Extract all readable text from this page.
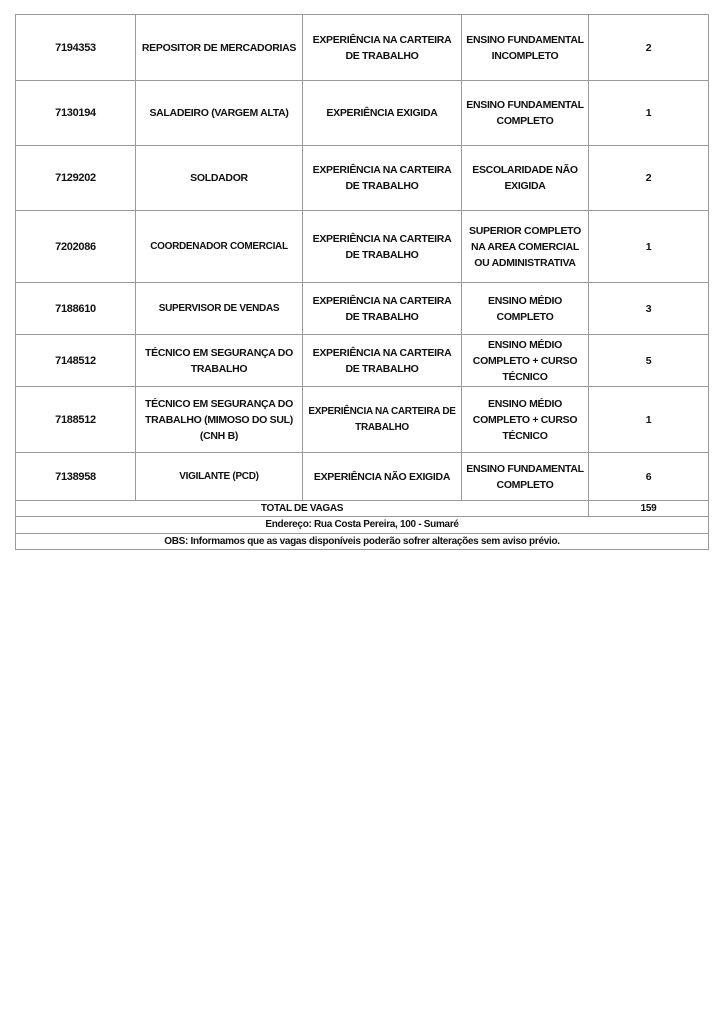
7194353	REPOSITOR DE MERCADORIAS	EXPERIÊNCIA NA CARTEIRA DE TRABALHO	ENSINO FUNDAMENTAL INCOMPLETO	2
7130194	SALADEIRO (VARGEM ALTA)	EXPERIÊNCIA EXIGIDA	ENSINO FUNDAMENTAL COMPLETO	1
7129202	SOLDADOR	EXPERIÊNCIA NA CARTEIRA DE TRABALHO	ESCOLARIDADE NÃO EXIGIDA	2
7202086	COORDENADOR COMERCIAL	EXPERIÊNCIA NA CARTEIRA DE TRABALHO	SUPERIOR COMPLETO NA AREA COMERCIAL OU ADMINISTRATIVA	1
7188610	SUPERVISOR DE VENDAS	EXPERIÊNCIA NA CARTEIRA DE TRABALHO	ENSINO MÉDIO COMPLETO	3
7148512	TÉCNICO EM SEGURANÇA DO TRABALHO	EXPERIÊNCIA NA CARTEIRA DE TRABALHO	ENSINO MÉDIO COMPLETO + CURSO TÉCNICO	5
7188512	TÉCNICO EM SEGURANÇA DO TRABALHO (MIMOSO DO SUL) (CNH B)	EXPERIÊNCIA NA CARTEIRA DE TRABALHO	ENSINO MÉDIO COMPLETO + CURSO TÉCNICO	1
7138958	VIGILANTE (PCD)	EXPERIÊNCIA NÃO EXIGIDA	ENSINO FUNDAMENTAL COMPLETO	6
TOTAL DE VAGAS				159
Endereço: Rua Costa Pereira, 100 - Sumaré				
OBS: Informamos que as vagas disponíveis poderão sofrer alterações sem aviso prévio.				
